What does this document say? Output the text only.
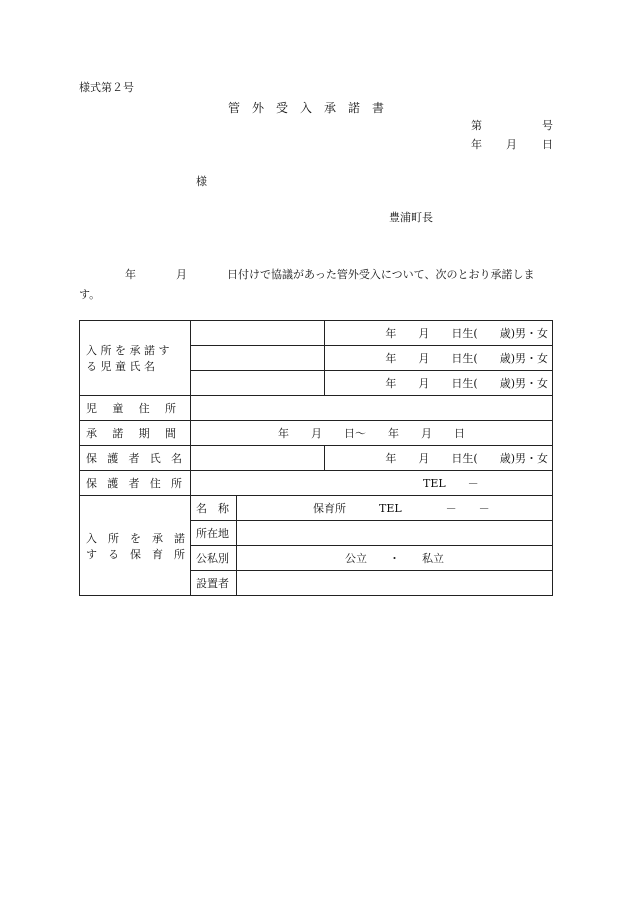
様式第２号
管　外　受　入　承　諾　書
第	号
年 月 日
様
豊浦町長
年	月	日付けで協議があった管外受入について、次のとおり承諾します。
入 所 を 承 諾 す
る 児 童 氏 名			年　　月　　日生(　　歳)男・女
			年　　月　　日生(　　歳)男・女
			年　　月　　日生(　　歳)男・女

児 童 住 所			

承 諾 期 間	年　　月　　日～　　年　　月　　日		

保 護 者 氏 名			年　　月　　日生(　　歳)男・女

保 護 者 住 所	TEL　　－		

入　所　を　承　諾
す　る　保　育　所	名　称	保育所　　　TEL　　　　－　　－	
	所在地		
	公私別	公立　　・　　私立	
	設置者		
